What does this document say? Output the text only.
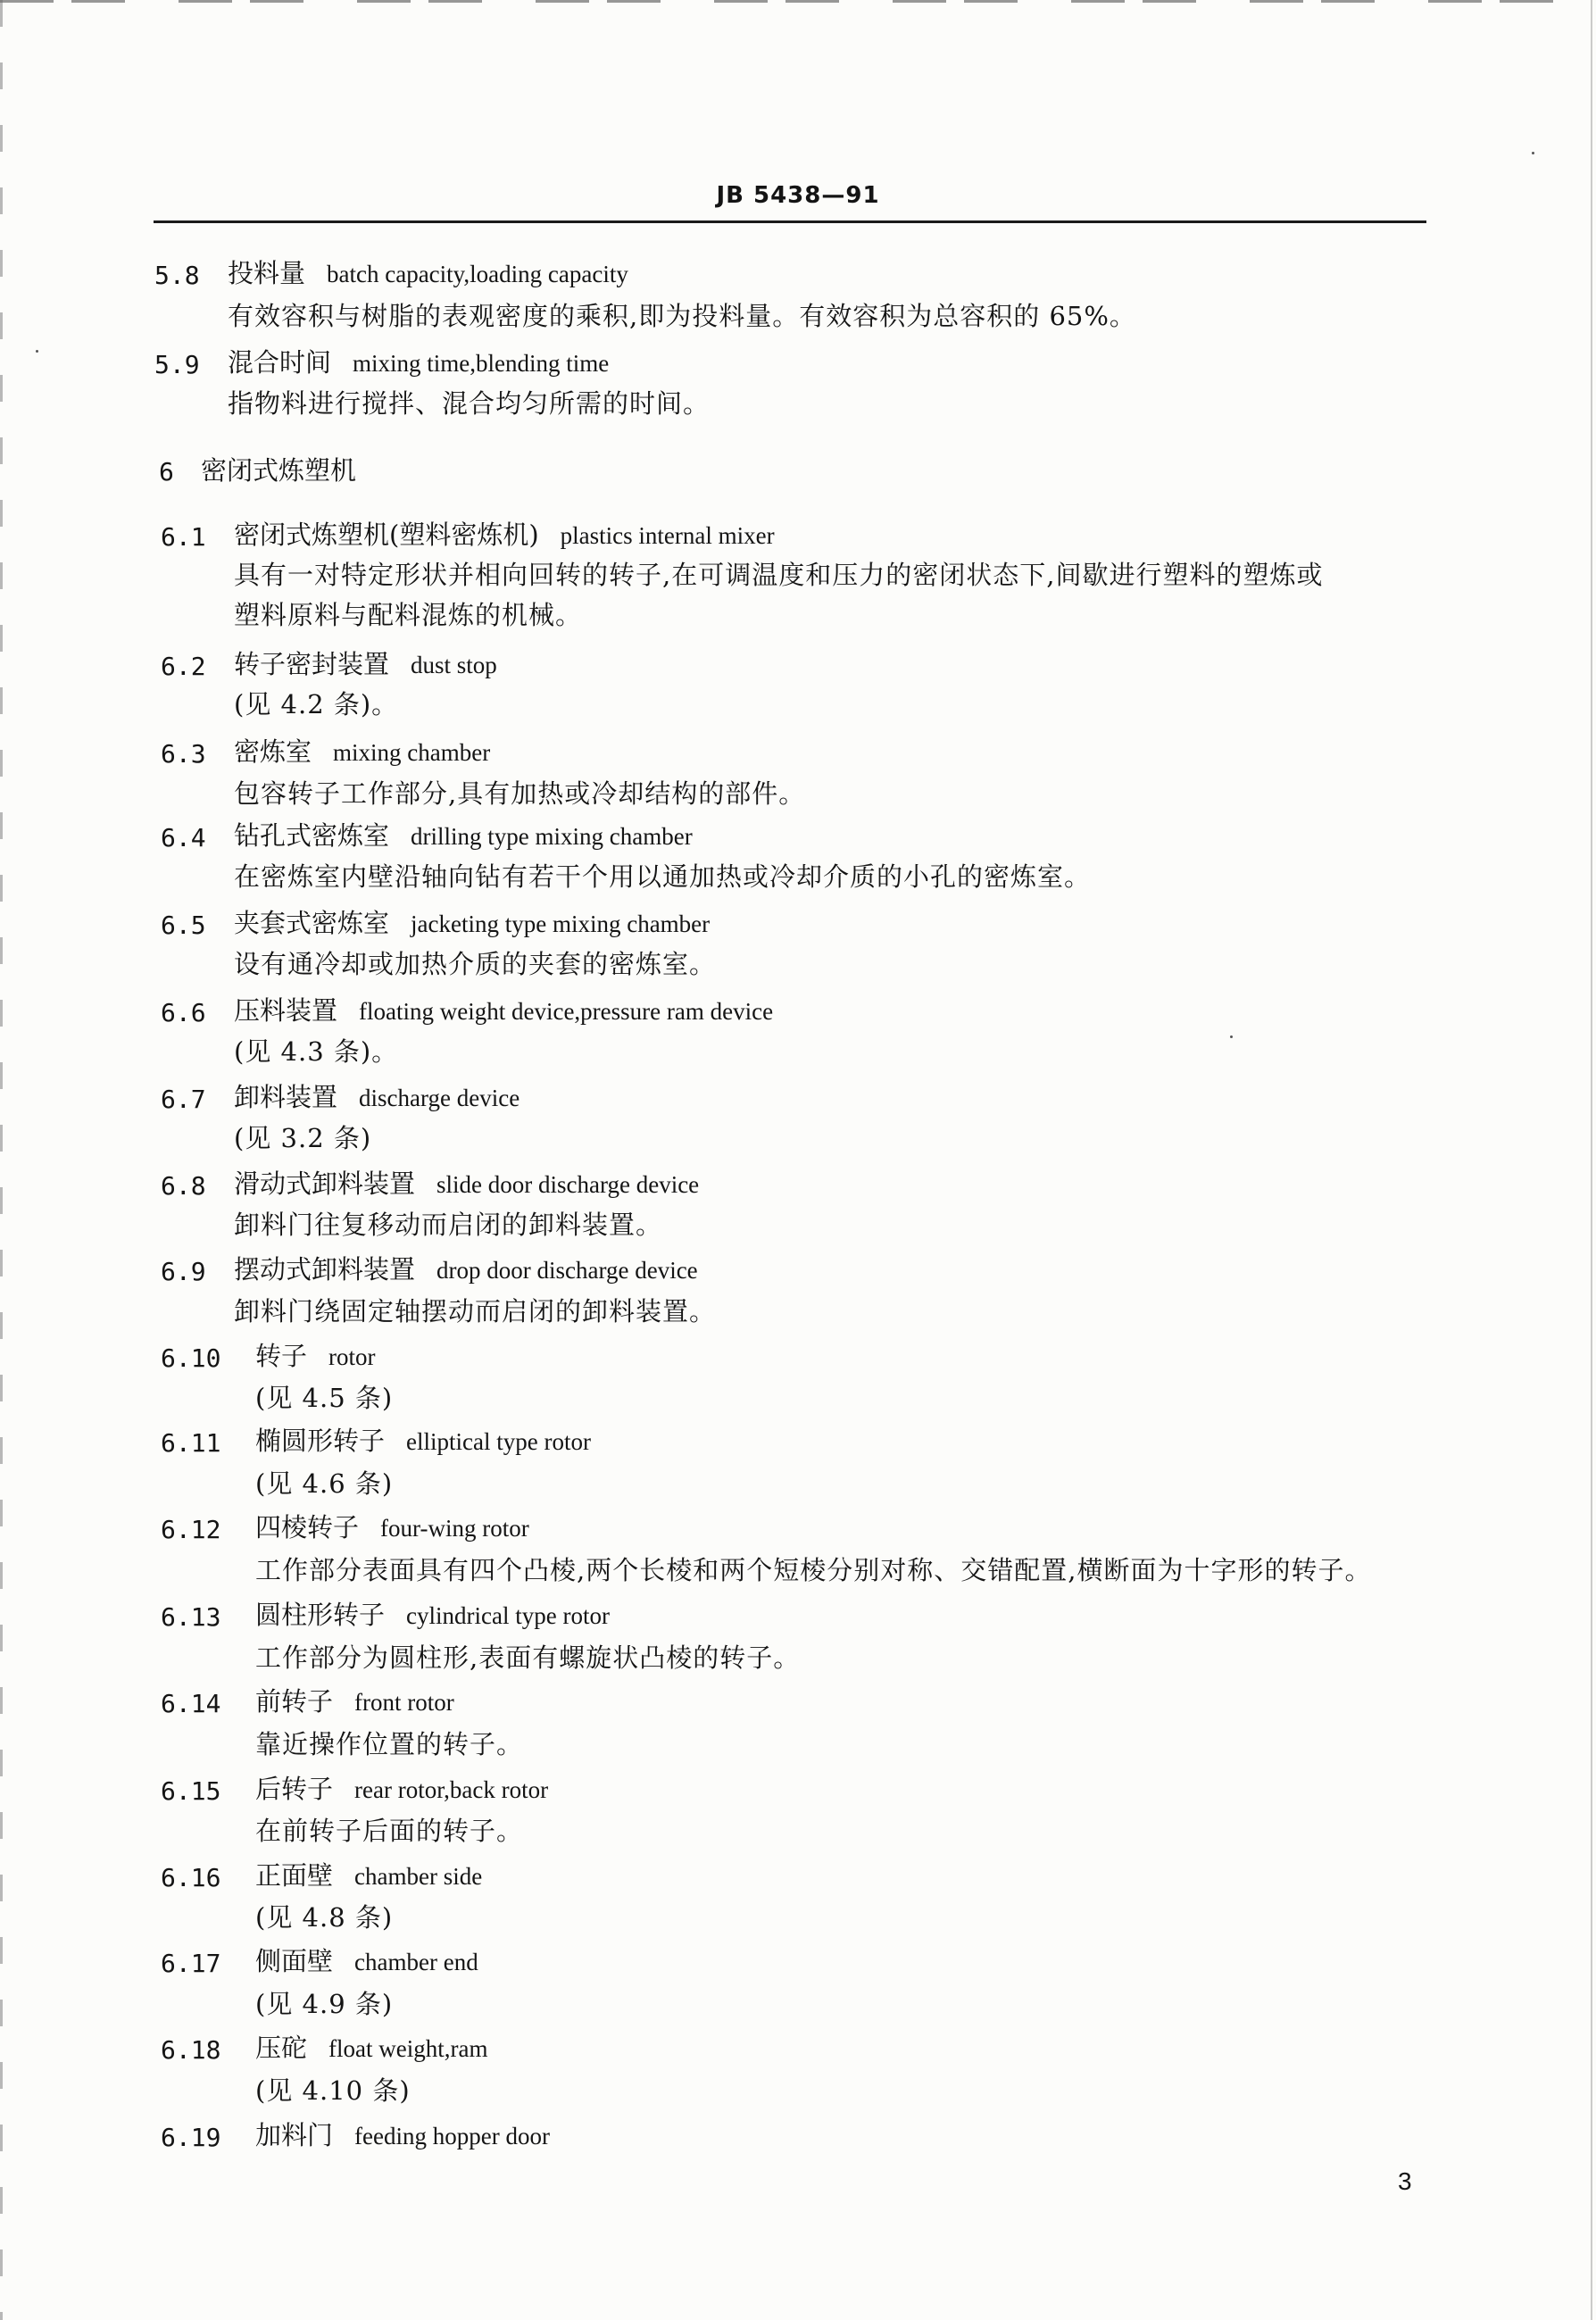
JB 5438—91
5.8 投料量 batch capacity,loading capacity
有效容积与树脂的表观密度的乘积,即为投料量。有效容积为总容积的 65%。
5.9 混合时间 mixing time,blending time
指物料进行搅拌、混合均匀所需的时间。
6 密闭式炼塑机
6.1 密闭式炼塑机(塑料密炼机) plastics internal mixer
具有一对特定形状并相向回转的转子,在可调温度和压力的密闭状态下,间歇进行塑料的塑炼或
塑料原料与配料混炼的机械。
6.2 转子密封装置 dust stop
(见 4.2 条)。
6.3 密炼室 mixing chamber
包容转子工作部分,具有加热或冷却结构的部件。
6.4 钻孔式密炼室 drilling type mixing chamber
在密炼室内壁沿轴向钻有若干个用以通加热或冷却介质的小孔的密炼室。
6.5 夹套式密炼室 jacketing type mixing chamber
设有通冷却或加热介质的夹套的密炼室。
6.6 压料装置 floating weight device,pressure ram device
(见 4.3 条)。
6.7 卸料装置 discharge device
(见 3.2 条)
6.8 滑动式卸料装置 slide door discharge device
卸料门往复移动而启闭的卸料装置。
6.9 摆动式卸料装置 drop door discharge device
卸料门绕固定轴摆动而启闭的卸料装置。
6.10 转子 rotor
(见 4.5 条)
6.11 椭圆形转子 elliptical type rotor
(见 4.6 条)
6.12 四棱转子 four-wing rotor
工作部分表面具有四个凸棱,两个长棱和两个短棱分别对称、交错配置,横断面为十字形的转子。
6.13 圆柱形转子 cylindrical type rotor
工作部分为圆柱形,表面有螺旋状凸棱的转子。
6.14 前转子 front rotor
靠近操作位置的转子。
6.15 后转子 rear rotor,back rotor
在前转子后面的转子。
6.16 正面壁 chamber side
(见 4.8 条)
6.17 侧面壁 chamber end
(见 4.9 条)
6.18 压砣 float weight,ram
(见 4.10 条)
6.19 加料门 feeding hopper door
3
